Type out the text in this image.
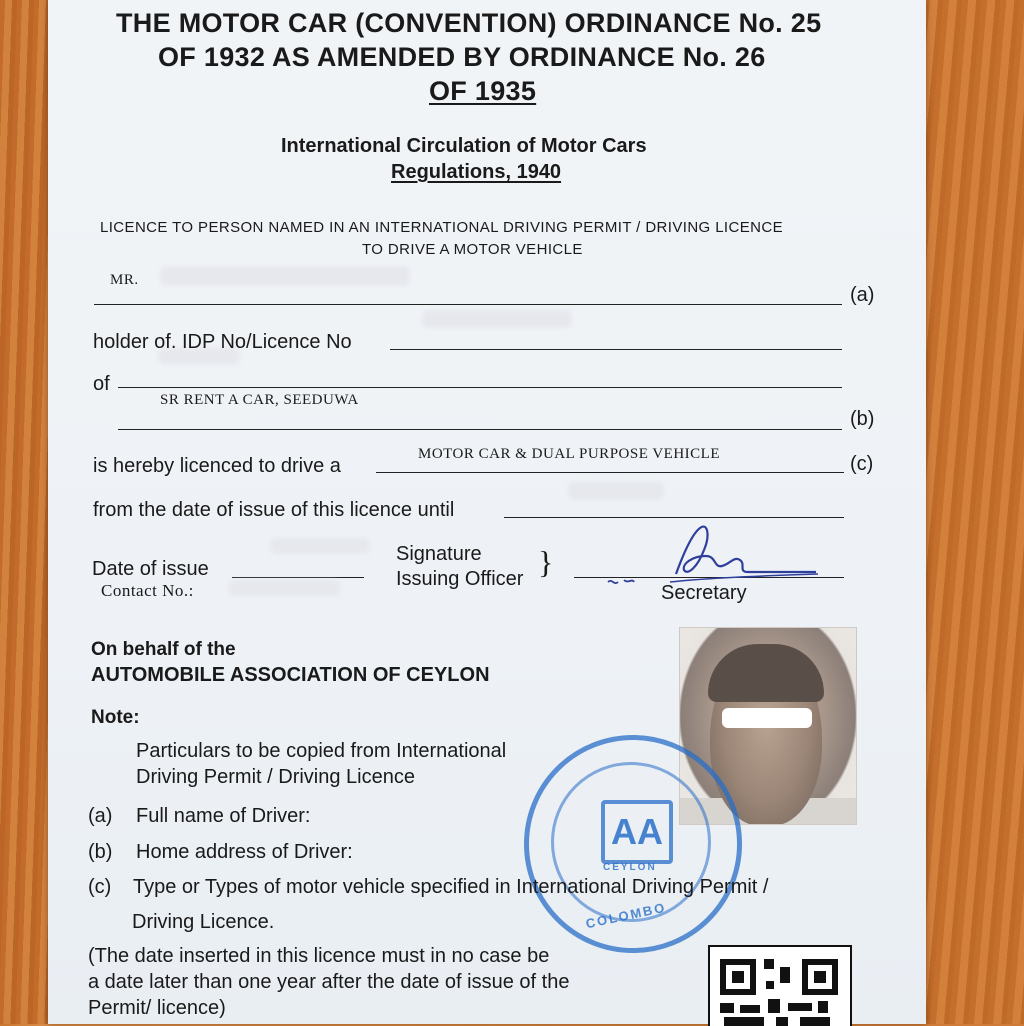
THE MOTOR CAR (CONVENTION) ORDINANCE No. 25
OF 1932 AS AMENDED BY ORDINANCE No. 26
OF 1935
International Circulation of Motor Cars
Regulations, 1940
LICENCE TO PERSON NAMED IN AN INTERNATIONAL DRIVING PERMIT / DRIVING LICENCE
TO DRIVE A MOTOR VEHICLE
MR.
(a)
holder of. IDP No/Licence No
of
SR RENT A CAR, SEEDUWA
(b)
is hereby licenced to drive a
MOTOR CAR & DUAL PURPOSE VEHICLE	(c)
from the date of issue of this licence until
Date of issue
Contact No.:
Signature
Issuing Officer }
Secretary
On behalf of the
AUTOMOBILE ASSOCIATION OF CEYLON
AA
CEYLON
COLOMBO
Note:
Particulars to be copied from International
Driving Permit / Driving Licence
(a) Full name of Driver:
(b) Home address of Driver:
(c) Type or Types of motor vehicle specified in International Driving Permit /
Driving Licence.
(The date inserted in this licence must in no case be
a date later than one year after the date of issue of the
Permit/ licence)
